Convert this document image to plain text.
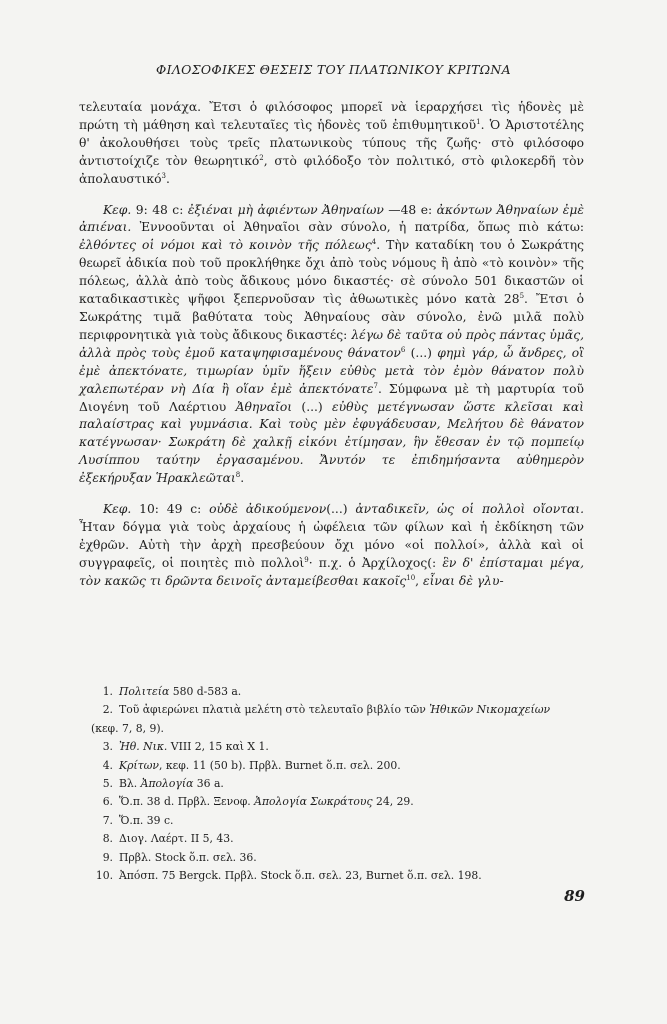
ΦΙΛΟΣΟΦΙΚΕΣ ΘΕΣΕΙΣ ΤΟΥ ΠΛΑΤΩΝΙΚΟΥ ΚΡΙΤΩΝΑ

τελευταία μονάχα. Ἔτσι ὁ φιλόσοφος μπορεῖ νὰ ἱεραρχήσει τὶς ἡδονὲς μὲ πρώτη τὴ μάθηση καὶ τελευταῖες τὶς ἡδονὲς τοῦ ἐπιθυμητικοῦ$^1$. Ὁ Ἀριστοτέλης θ' ἀκολουθήσει τοὺς τρεῖς πλατωνικοὺς τύπους τῆς ζωῆς· στὸ φιλόσοφο ἀντιστοίχιζε τὸν θεωρητικό$^2$, στὸ φιλόδοξο τὸν πολιτικό, στὸ φιλοκερδῆ τὸν ἀπολαυστικό$^3$.

Κεφ. 9: 48 c: ἐξιέναι μὴ ἀφιέντων Ἀθηναίων —48 e: ἀκόντων Ἀθηναίων ἐμὲ ἀπιέναι. Ἐννοοῦνται οἱ Ἀθηναῖοι σὰν σύνολο, ἡ πατρίδα, ὅπως πιὸ κάτω: ἐλθόντες οἱ νόμοι καὶ τὸ κοινὸν τῆς πόλεως$^4$. Τὴν καταδίκη του ὁ Σωκράτης θεωρεῖ ἀδικία ποὺ τοῦ προκλήθηκε ὄχι ἀπὸ τοὺς νόμους ἢ ἀπὸ «τὸ κοινὸν» τῆς πόλεως, ἀλλὰ ἀπὸ τοὺς ἄδικους μόνο δικαστές· σὲ σύνολο 501 δικαστῶν οἱ καταδικαστικὲς ψῆφοι ξεπερνοῦσαν τὶς ἀθωωτικὲς μόνο κατὰ $28^5$. Ἔτσι ὁ Σωκράτης τιμᾶ βαθύτατα τοὺς Ἀθηναίους σὰν σύνολο, ἐνῶ μιλᾶ πολὺ περιφρονητικὰ γιὰ τοὺς ἄδικους δικαστές: λέγω δὲ ταῦτα οὐ πρὸς πάντας ὑμᾶς, ἀλλὰ πρὸς τοὺς ἐμοῦ καταψηφισαμένους θάνατον$^6$ (...) φημὶ γάρ, ὦ ἄνδρες, οἳ ἐμὲ ἀπεκτόνατε, τιμωρίαν ὑμῖν ἥξειν εὐθὺς μετὰ τὸν ἐμὸν θάνατον πολὺ χαλεπωτέραν νὴ Δία ἢ οἵαν ἐμὲ ἀπεκτόνατε$^7$. Σύμφωνα μὲ τὴ μαρτυρία τοῦ Διογένη τοῦ Λαέρτιου Ἀθηναῖοι (...) εὐθὺς μετέγνωσαν ὥστε κλεῖσαι καὶ παλαίστρας καὶ γυμνάσια. Καὶ τοὺς μὲν ἐφυγάδευσαν, Μελήτου δὲ θάνατον κατέγνωσαν· Σωκράτη δὲ χαλκῇ εἰκόνι ἐτίμησαν, ἣν ἔθεσαν ἐν τῷ πομπείῳ Λυσίππου ταύτην ἐργασαμένου. Ἄνυτόν τε ἐπιδημήσαντα αὐθημερὸν ἐξεκήρυξαν Ἡρακλεῶται$^8$.

Κεφ. 10: 49 c: οὐδὲ ἀδικούμενον(...) ἀνταδικεῖν, ὡς οἱ πολλοὶ οἴονται. Ἦταν δόγμα γιὰ τοὺς ἀρχαίους ἡ ὠφέλεια τῶν φίλων καὶ ἡ ἐκδίκηση τῶν ἐχθρῶν. Αὐτὴ τὴν ἀρχὴ πρεσβεύουν ὄχι μόνο «οἱ πολλοί», ἀλλὰ καὶ οἱ συγγραφεῖς, οἱ ποιητὲς πιὸ πολλοὶ$^9$· π.χ. ὁ Ἀρχίλοχος(: ἓν δ' ἐπίσταμαι μέγα, τὸν κακῶς τι δρῶντα δεινοῖς ἀνταμείβεσθαι κακοῖς$^{10}$, εἶναι δὲ γλυ-

1. Πολιτεία 580 d-583 a.
2. Τοῦ ἀφιερώνει πλατιὰ μελέτη στὸ τελευταῖο βιβλίο τῶν Ἠθικῶν Νικομαχείων (κεφ. 7, 8, 9).
3. Ἠθ. Νικ. VIII 2, 15 καὶ X 1.
4. Κρίτων, κεφ. 11 (50 b). Πρβλ. Burnet ὅ.π. σελ. 200.
5. Βλ. Ἀπολογία 36 a.
6. Ὅ.π. 38 d. Πρβλ. Ξενοφ. Ἀπολογία Σωκράτους 24, 29.
7. Ὅ.π. 39 c.
8. Διογ. Λαέρτ. II 5, 43.
9. Πρβλ. Stock ὅ.π. σελ. 36.
10. Ἀπόσπ. 75 Bergck. Πρβλ. Stock ὅ.π. σελ. 23, Burnet ὅ.π. σελ. 198.
89
